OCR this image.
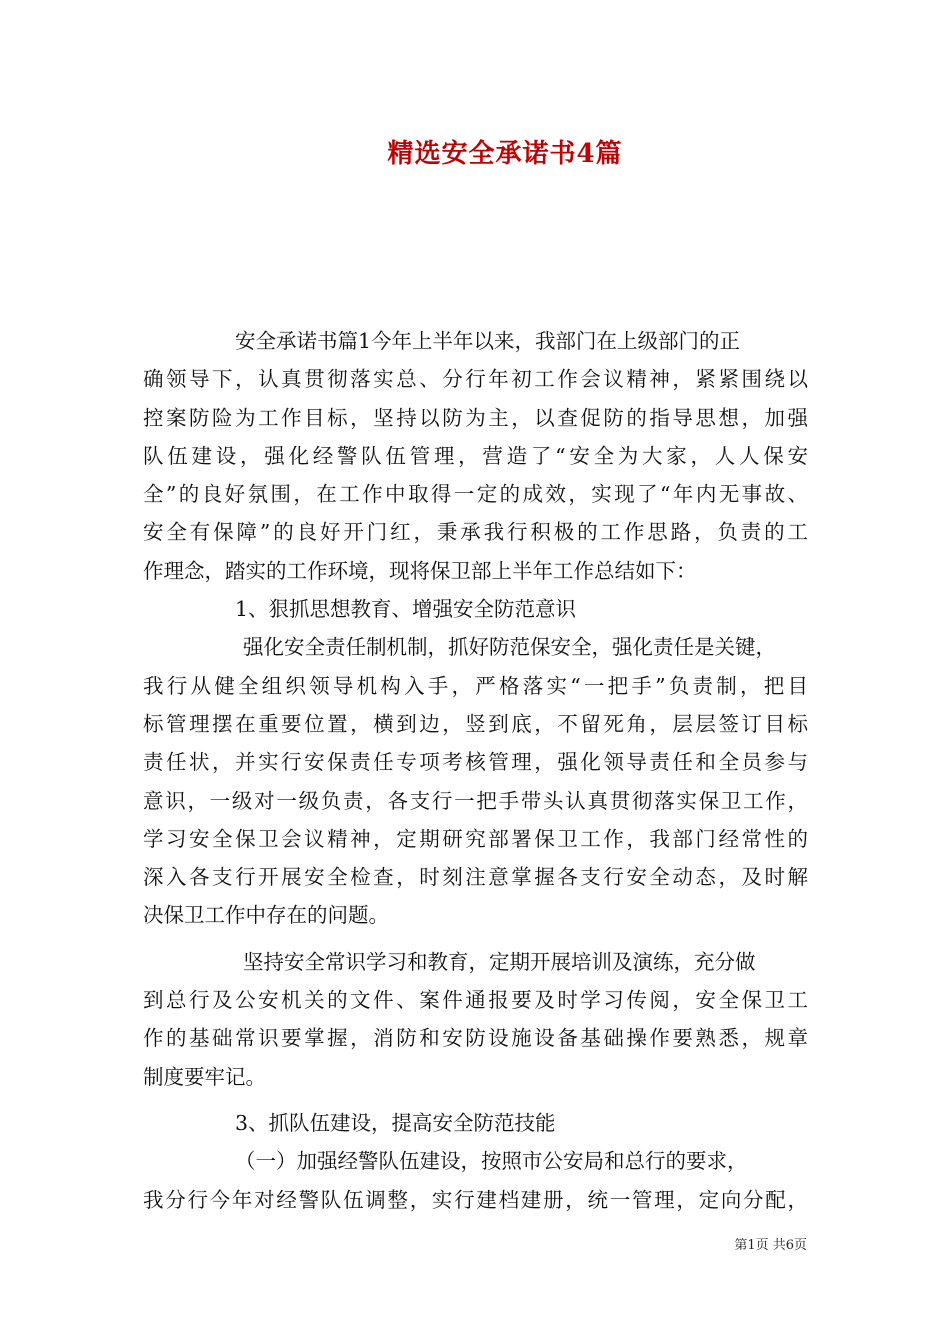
精选安全承诺书4篇
安全承诺书篇1今年上半年以来，我部门在上级部门的正
确领导下，认真贯彻落实总、分行年初工作会议精神，紧紧围绕以
控案防险为工作目标，坚持以防为主，以查促防的指导思想，加强
队伍建设，强化经警队伍管理，营造了“安全为大家，人人保安
全”的良好氛围，在工作中取得一定的成效，实现了“年内无事故、
安全有保障”的良好开门红，秉承我行积极的工作思路，负责的工
作理念，踏实的工作环境，现将保卫部上半年工作总结如下：
1、狠抓思想教育、增强安全防范意识
强化安全责任制机制，抓好防范保安全，强化责任是关键，
我行从健全组织领导机构入手，严格落实“一把手”负责制，把目
标管理摆在重要位置，横到边，竖到底，不留死角，层层签订目标
责任状，并实行安保责任专项考核管理，强化领导责任和全员参与
意识，一级对一级负责，各支行一把手带头认真贯彻落实保卫工作，
学习安全保卫会议精神，定期研究部署保卫工作，我部门经常性的
深入各支行开展安全检查，时刻注意掌握各支行安全动态，及时解
决保卫工作中存在的问题。
坚持安全常识学习和教育，定期开展培训及演练，充分做
到总行及公安机关的文件、案件通报要及时学习传阅，安全保卫工
作的基础常识要掌握，消防和安防设施设备基础操作要熟悉，规章
制度要牢记。
3、抓队伍建设，提高安全防范技能
（一）加强经警队伍建设，按照市公安局和总行的要求，
我分行今年对经警队伍调整，实行建档建册，统一管理，定向分配，
第1页 共6页
